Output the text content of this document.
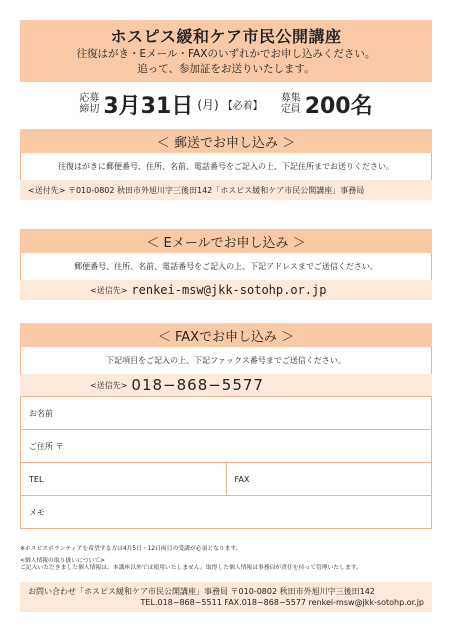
ホスピス緩和ケア市民公開講座
往復はがき・Eメール・FAXのいずれかでお申し込みください。
追って、参加証をお送りいたします。
応募
締切 3月31日 (月) 【必着】
募集
定員 200名
＜ 郵送でお申し込み ＞
往復はがきに郵便番号、住所、名前、電話番号をご記入の上、下記住所までお送りください。
<送付先> 〒010-0802 秋田市外旭川字三後田142「ホスピス緩和ケア市民公開講座」事務局
＜ Eメールでお申し込み ＞
郵便番号、住所、名前、電話番号をご記入の上、下記アドレスまでご送信ください。
<送信先> renkei-msw@jkk-sotohp.or.jp
＜ FAXでお申し込み ＞
下記項目をご記入の上、下記ファックス番号までご送信ください。
<送信先> 018−868−5577
お名前
ご住所 〒
TEL	FAX
メモ
※ホスピスボランティアを希望する方は4月5日・12日両日の受講が必須となります。
<個人情報の取り扱いについて>
ご記入いただきました個人情報は、本講座以外では使用いたしません。取得した個人情報は事務局が責任を持って管理いたします。
お問い合わせ「ホスピス緩和ケア市民公開講座」事務局 〒010-0802 秋田市外旭川字三後田142
TEL.018−868−5511 FAX.018−868−5577 renkei-msw@jkk-sotohp.or.jp
